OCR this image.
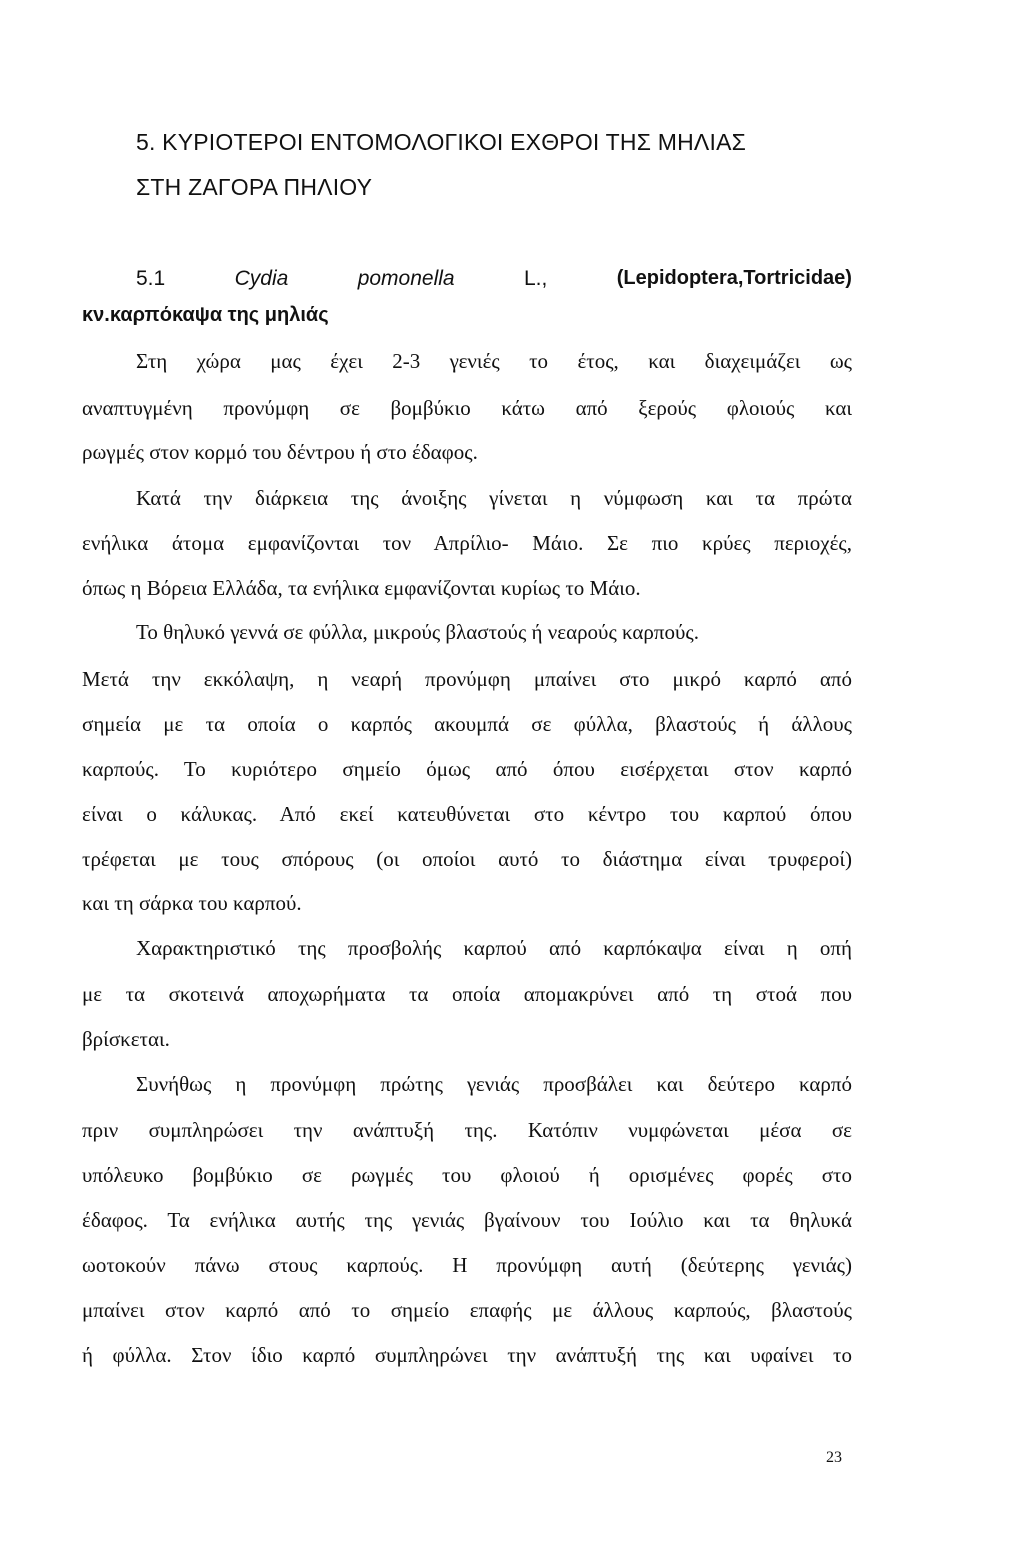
5. ΚΥΡΙΟΤΕΡΟΙ ΕΝΤΟΜΟΛΟΓΙΚΟΙ ΕΧΘΡΟΙ ΤΗΣ ΜΗΛΙΑΣ
ΣΤΗ ΖΑΓΟΡΑ ΠΗΛΙΟΥ
5.1	Cydia	pomonella	L.,	(Lepidoptera,Tortricidae)
κν.καρπόκαψα της μηλιάς
Στη χώρα μας έχει 2-3 γενιές το έτος, και διαχειμάζει ως
αναπτυγμένη προνύμφη σε βομβύκιο κάτω από ξερούς φλοιούς και
ρωγμές στον κορμό του δέντρου ή στο έδαφος.
Κατά την διάρκεια της άνοιξης γίνεται η νύμφωση και τα πρώτα
ενήλικα άτομα εμφανίζονται τον Απρίλιο- Μάιο. Σε πιο κρύες περιοχές,
όπως η Βόρεια Ελλάδα, τα ενήλικα εμφανίζονται κυρίως το Μάιο.
Το θηλυκό γεννά σε φύλλα, μικρούς βλαστούς ή νεαρούς καρπούς.
Μετά την εκκόλαψη, η νεαρή προνύμφη μπαίνει στο μικρό καρπό από
σημεία με τα οποία ο καρπός ακουμπά σε φύλλα, βλαστούς ή άλλους
καρπούς. Το κυριότερο σημείο όμως από όπου εισέρχεται στον καρπό
είναι ο κάλυκας. Από εκεί κατευθύνεται στο κέντρο του καρπού όπου
τρέφεται με τους σπόρους (οι οποίοι αυτό το διάστημα είναι τρυφεροί)
και τη σάρκα του καρπού.
Χαρακτηριστικό της προσβολής καρπού από καρπόκαψα είναι η οπή
με τα σκοτεινά αποχωρήματα τα οποία απομακρύνει από τη στοά που
βρίσκεται.
Συνήθως η προνύμφη πρώτης γενιάς προσβάλει και δεύτερο καρπό
πριν συμπληρώσει την ανάπτυξή της. Κατόπιν νυμφώνεται μέσα σε
υπόλευκο βομβύκιο σε ρωγμές του φλοιού ή ορισμένες φορές στο
έδαφος. Τα ενήλικα αυτής της γενιάς βγαίνουν του Ιούλιο και τα θηλυκά
ωοτοκούν πάνω στους καρπούς. Η προνύμφη αυτή (δεύτερης γενιάς)
μπαίνει στον καρπό από το σημείο επαφής με άλλους καρπούς, βλαστούς
ή φύλλα. Στον ίδιο καρπό συμπληρώνει την ανάπτυξή της και υφαίνει το
23
